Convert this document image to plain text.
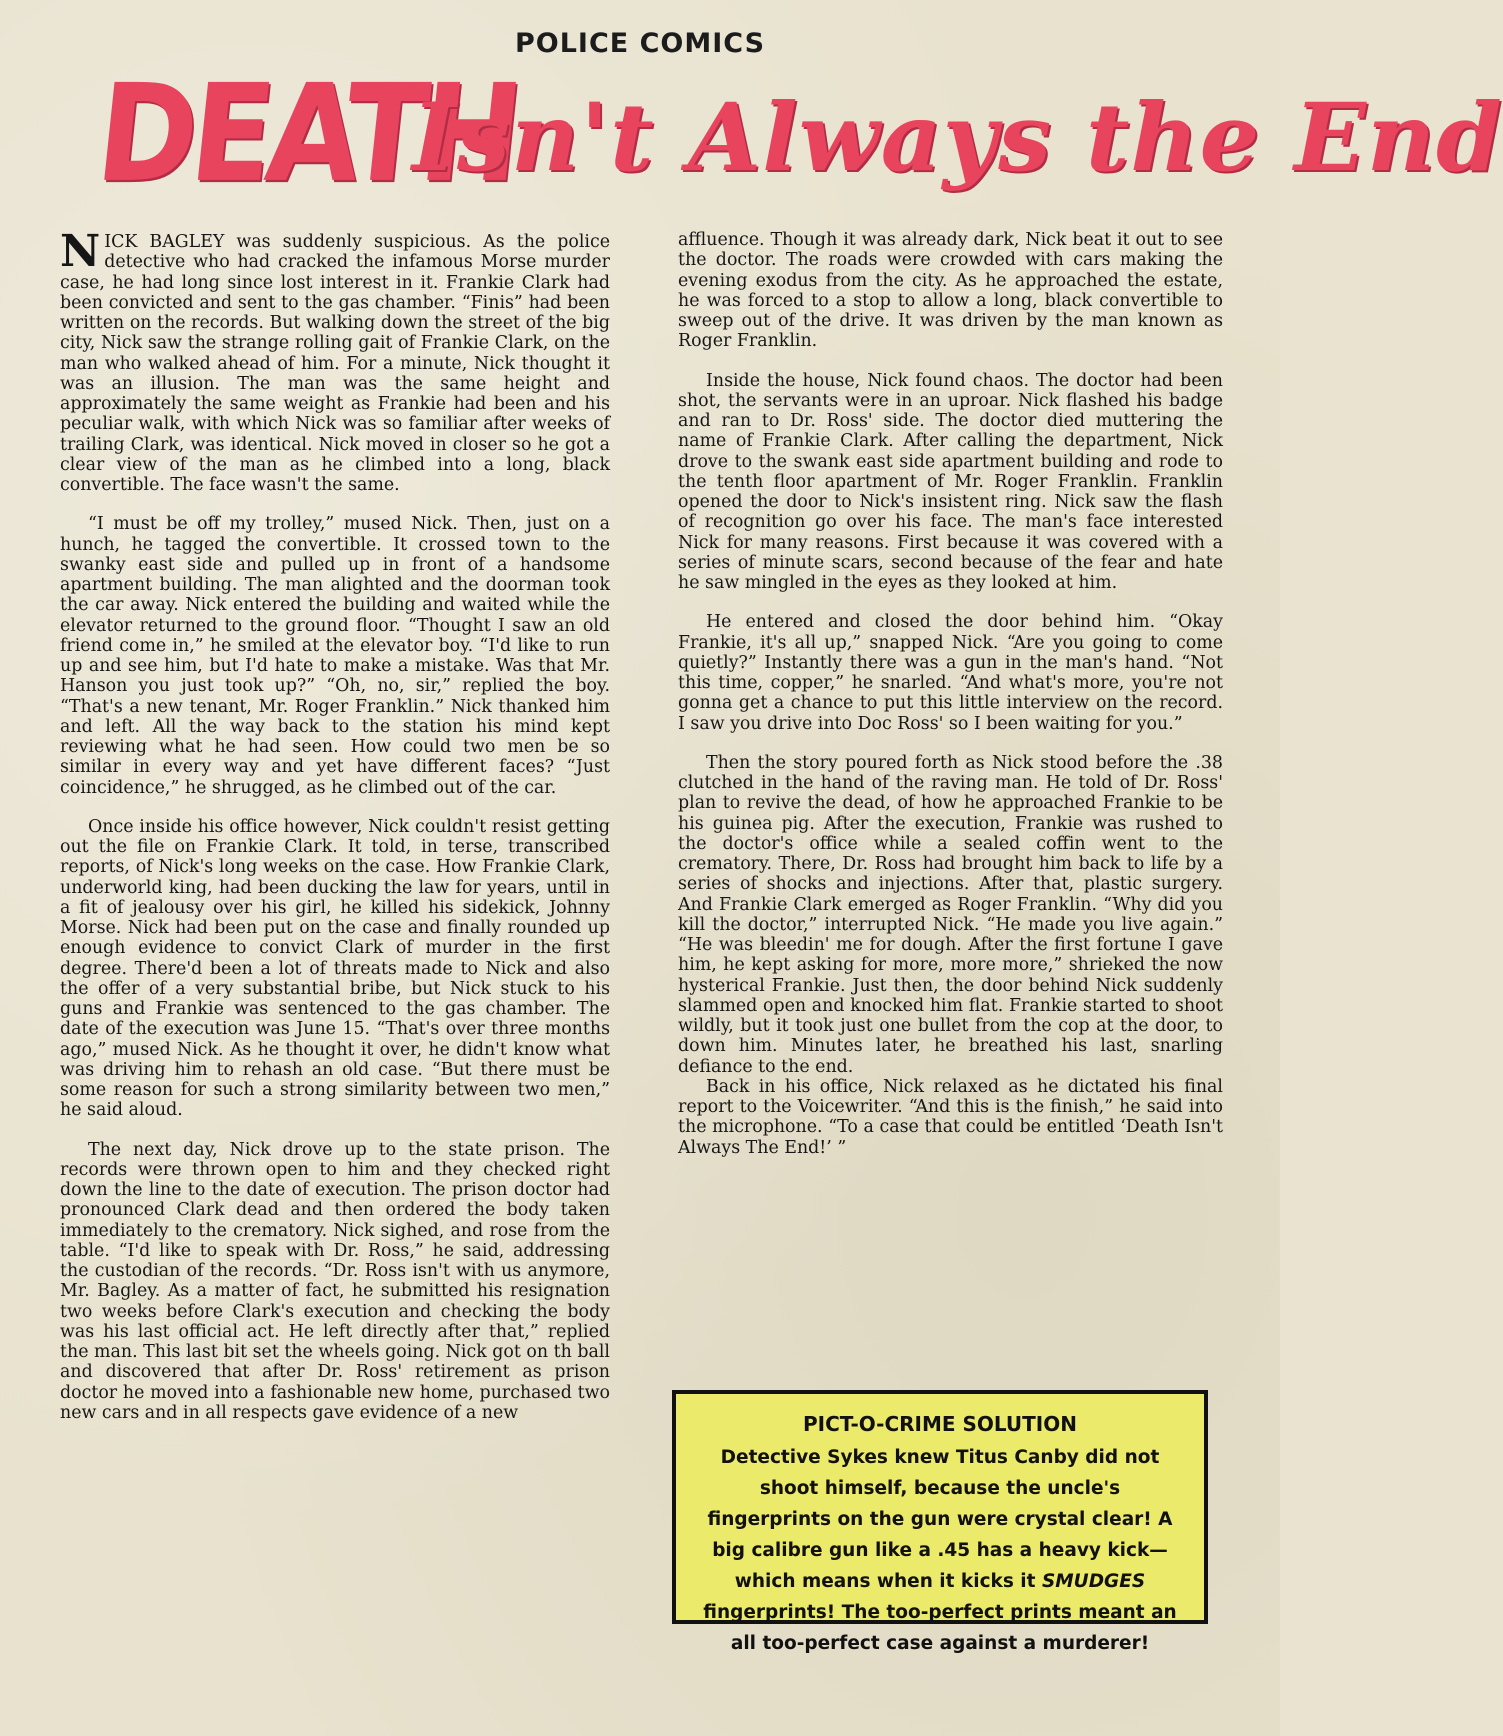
POLICE COMICS
DEATH
Isn't Always the End

NICK BAGLEY was suddenly suspicious. As the police detective who had cracked the infamous Morse murder case, he had long since lost interest in it. Frankie Clark had been convicted and sent to the gas chamber. “Finis” had been written on the records. But walking down the street of the big city, Nick saw the strange rolling gait of Frankie Clark, on the man who walked ahead of him. For a minute, Nick thought it was an illusion. The man was the same height and approximately the same weight as Frankie had been and his peculiar walk, with which Nick was so familiar after weeks of trailing Clark, was identical. Nick moved in closer so he got a clear view of the man as he climbed into a long, black convertible. The face wasn't the same.

“I must be off my trolley,” mused Nick. Then, just on a hunch, he tagged the convertible. It crossed town to the swanky east side and pulled up in front of a handsome apartment building. The man alighted and the doorman took the car away. Nick entered the building and waited while the elevator returned to the ground floor. “Thought I saw an old friend come in,” he smiled at the elevator boy. “I'd like to run up and see him, but I'd hate to make a mistake. Was that Mr. Hanson you just took up?” “Oh, no, sir,” replied the boy. “That's a new tenant, Mr. Roger Franklin.” Nick thanked him and left. All the way back to the station his mind kept reviewing what he had seen. How could two men be so similar in every way and yet have different faces? “Just coincidence,” he shrugged, as he climbed out of the car.

Once inside his office however, Nick couldn't resist getting out the file on Frankie Clark. It told, in terse, transcribed reports, of Nick's long weeks on the case. How Frankie Clark, underworld king, had been ducking the law for years, until in a fit of jealousy over his girl, he killed his sidekick, Johnny Morse. Nick had been put on the case and finally rounded up enough evidence to convict Clark of murder in the first degree. There'd been a lot of threats made to Nick and also the offer of a very substantial bribe, but Nick stuck to his guns and Frankie was sentenced to the gas chamber. The date of the execution was June 15. “That's over three months ago,” mused Nick. As he thought it over, he didn't know what was driving him to rehash an old case. “But there must be some reason for such a strong similarity between two men,” he said aloud.

The next day, Nick drove up to the state prison. The records were thrown open to him and they checked right down the line to the date of execution. The prison doctor had pronounced Clark dead and then ordered the body taken immediately to the crematory. Nick sighed, and rose from the table. “I'd like to speak with Dr. Ross,” he said, addressing the custodian of the records. “Dr. Ross isn't with us anymore, Mr. Bagley. As a matter of fact, he submitted his resignation two weeks before Clark's execution and checking the body was his last official act. He left directly after that,” replied the man. This last bit set the wheels going. Nick got on th ball and discovered that after Dr. Ross' retirement as prison doctor he moved into a fashionable new home, purchased two new cars and in all respects gave evidence of a new

affluence. Though it was already dark, Nick beat it out to see the doctor. The roads were crowded with cars making the evening exodus from the city. As he approached the estate, he was forced to a stop to allow a long, black convertible to sweep out of the drive. It was driven by the man known as Roger Franklin.

Inside the house, Nick found chaos. The doctor had been shot, the servants were in an uproar. Nick flashed his badge and ran to Dr. Ross' side. The doctor died muttering the name of Frankie Clark. After calling the department, Nick drove to the swank east side apartment building and rode to the tenth floor apartment of Mr. Roger Franklin. Franklin opened the door to Nick's insistent ring. Nick saw the flash of recognition go over his face. The man's face interested Nick for many reasons. First because it was covered with a series of minute scars, second because of the fear and hate he saw mingled in the eyes as they looked at him.

He entered and closed the door behind him. “Okay Frankie, it's all up,” snapped Nick. “Are you going to come quietly?” Instantly there was a gun in the man's hand. “Not this time, copper,” he snarled. “And what's more, you're not gonna get a chance to put this little interview on the record. I saw you drive into Doc Ross' so I been waiting for you.”

Then the story poured forth as Nick stood before the .38 clutched in the hand of the raving man. He told of Dr. Ross' plan to revive the dead, of how he approached Frankie to be his guinea pig. After the execution, Frankie was rushed to the doctor's office while a sealed coffin went to the crematory. There, Dr. Ross had brought him back to life by a series of shocks and injections. After that, plastic surgery. And Frankie Clark emerged as Roger Franklin. “Why did you kill the doctor,” interrupted Nick. “He made you live again.” “He was bleedin' me for dough. After the first fortune I gave him, he kept asking for more, more more,” shrieked the now hysterical Frankie. Just then, the door behind Nick suddenly slammed open and knocked him flat. Frankie started to shoot wildly, but it took just one bullet from the cop at the door, to down him. Minutes later, he breathed his last, snarling defiance to the end.

Back in his office, Nick relaxed as he dictated his final report to the Voicewriter. “And this is the finish,” he said into the microphone. “To a case that could be entitled ‘Death Isn't Always The End!’ ”

PICT-O-CRIME SOLUTION
Detective Sykes knew Titus Canby did not shoot himself, because the uncle's fingerprints on the gun were crystal clear! A big calibre gun like a .45 has a heavy kick—which means when it kicks it SMUDGES fingerprints! The too-perfect prints meant an all too-perfect case against a murderer!
